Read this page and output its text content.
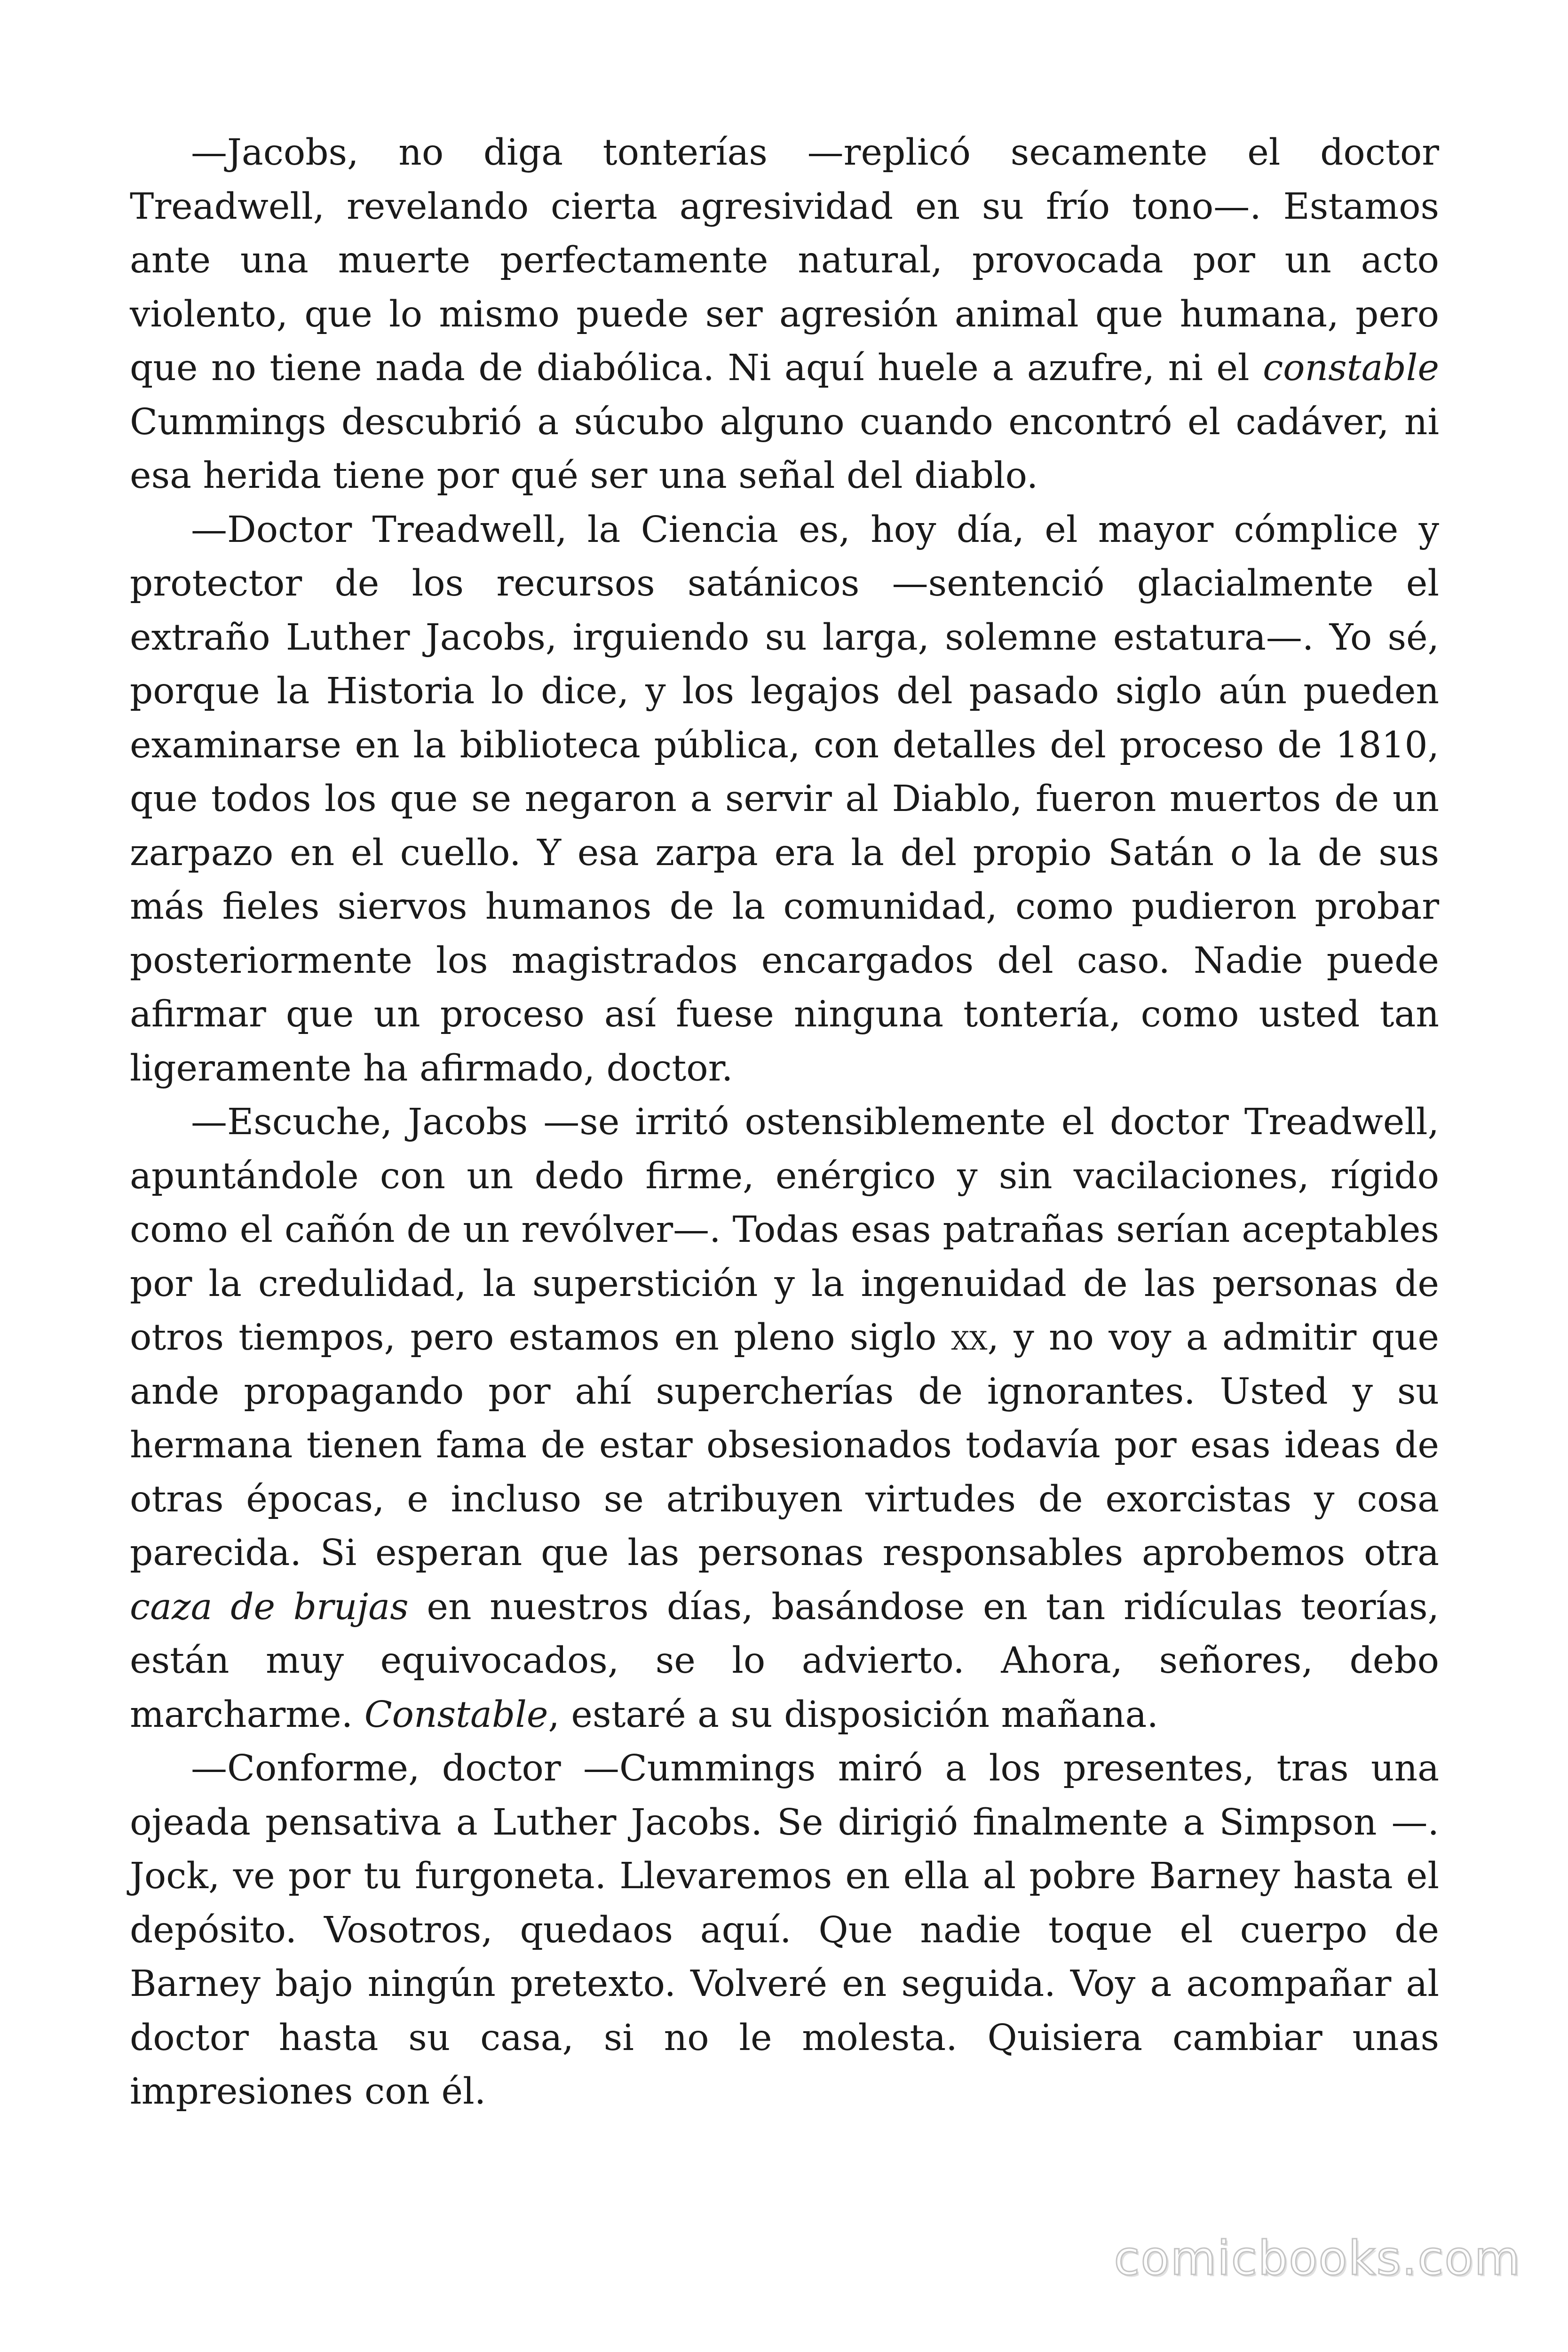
—Jacobs, no diga tonterías —replicó secamente el doctor Treadwell, revelando cierta agresividad en su frío tono—. Estamos ante una muerte perfectamente natural, provocada por un acto violento, que lo mismo puede ser agresión animal que humana, pero que no tiene nada de diabólica. Ni aquí huele a azufre, ni el constable Cummings descubrió a súcubo alguno cuando encontró el cadáver, ni esa herida tiene por qué ser una señal del diablo.

—Doctor Treadwell, la Ciencia es, hoy día, el mayor cómplice y protector de los recursos satánicos —sentenció glacialmente el extraño Luther Jacobs, irguiendo su larga, solemne estatura—. Yo sé, porque la Historia lo dice, y los legajos del pasado siglo aún pueden examinarse en la biblioteca pública, con detalles del proceso de 1810, que todos los que se negaron a servir al Diablo, fueron muertos de un zarpazo en el cuello. Y esa zarpa era la del propio Satán o la de sus más fieles siervos humanos de la comunidad, como pudieron probar posteriormente los magistrados encargados del caso. Nadie puede afirmar que un proceso así fuese ninguna tontería, como usted tan ligeramente ha afirmado, doctor.

—Escuche, Jacobs —se irritó ostensiblemente el doctor Treadwell, apuntándole con un dedo firme, enérgico y sin vacilaciones, rígido como el cañón de un revólver—. Todas esas patrañas serían aceptables por la credulidad, la superstición y la ingenuidad de las personas de otros tiempos, pero estamos en pleno siglo xx, y no voy a admitir que ande propagando por ahí supercherías de ignorantes. Usted y su hermana tienen fama de estar obsesionados todavía por esas ideas de otras épocas, e incluso se atribuyen virtudes de exorcistas y cosa parecida. Si esperan que las personas responsables aprobemos otra caza de brujas en nuestros días, basándose en tan ridículas teorías, están muy equivocados, se lo advierto. Ahora, señores, debo marcharme. Constable, estaré a su disposición mañana.

—Conforme, doctor —Cummings miró a los presentes, tras una ojeada pensativa a Luther Jacobs. Se dirigió finalmente a Simpson —. Jock, ve por tu furgoneta. Llevaremos en ella al pobre Barney hasta el depósito. Vosotros, quedaos aquí. Que nadie toque el cuerpo de Barney bajo ningún pretexto. Volveré en seguida. Voy a acompañar al doctor hasta su casa, si no le molesta. Quisiera cambiar unas impresiones con él.

comicbooks.com
